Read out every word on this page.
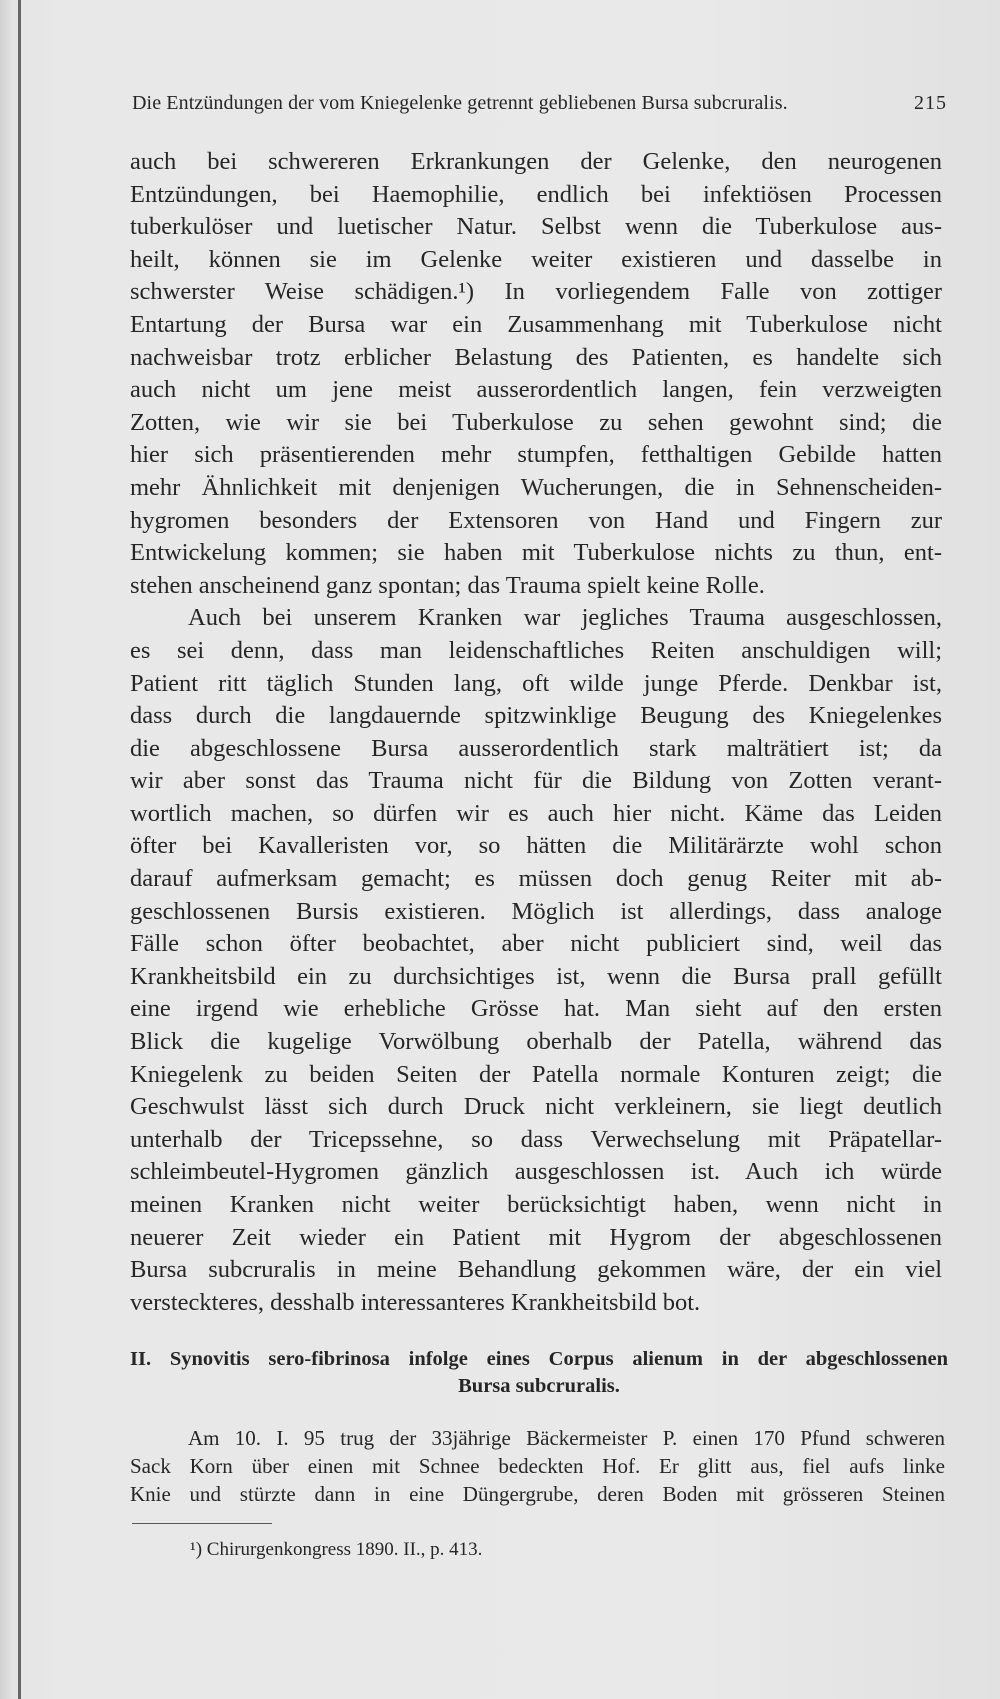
Die Entzündungen der vom Kniegelenke getrennt gebliebenen Bursa subcruralis.	215
auch bei schwereren Erkrankungen der Gelenke, den neurogenen
Entzündungen, bei Haemophilie, endlich bei infektiösen Processen
tuberkulöser und luetischer Natur. Selbst wenn die Tuberkulose aus-
heilt, können sie im Gelenke weiter existieren und dasselbe in
schwerster Weise schädigen.¹) In vorliegendem Falle von zottiger
Entartung der Bursa war ein Zusammenhang mit Tuberkulose nicht
nachweisbar trotz erblicher Belastung des Patienten, es handelte sich
auch nicht um jene meist ausserordentlich langen, fein verzweigten
Zotten, wie wir sie bei Tuberkulose zu sehen gewohnt sind; die
hier sich präsentierenden mehr stumpfen, fetthaltigen Gebilde hatten
mehr Ähnlichkeit mit denjenigen Wucherungen, die in Sehnenscheiden-
hygromen besonders der Extensoren von Hand und Fingern zur
Entwickelung kommen; sie haben mit Tuberkulose nichts zu thun, ent-
stehen anscheinend ganz spontan; das Trauma spielt keine Rolle.
Auch bei unserem Kranken war jegliches Trauma ausgeschlossen,
es sei denn, dass man leidenschaftliches Reiten anschuldigen will;
Patient ritt täglich Stunden lang, oft wilde junge Pferde. Denkbar ist,
dass durch die langdauernde spitzwinklige Beugung des Kniegelenkes
die abgeschlossene Bursa ausserordentlich stark malträtiert ist; da
wir aber sonst das Trauma nicht für die Bildung von Zotten verant-
wortlich machen, so dürfen wir es auch hier nicht. Käme das Leiden
öfter bei Kavalleristen vor, so hätten die Militärärzte wohl schon
darauf aufmerksam gemacht; es müssen doch genug Reiter mit ab-
geschlossenen Bursis existieren. Möglich ist allerdings, dass analoge
Fälle schon öfter beobachtet, aber nicht publiciert sind, weil das
Krankheitsbild ein zu durchsichtiges ist, wenn die Bursa prall gefüllt
eine irgend wie erhebliche Grösse hat. Man sieht auf den ersten
Blick die kugelige Vorwölbung oberhalb der Patella, während das
Kniegelenk zu beiden Seiten der Patella normale Konturen zeigt; die
Geschwulst lässt sich durch Druck nicht verkleinern, sie liegt deutlich
unterhalb der Tricepssehne, so dass Verwechselung mit Präpatellar-
schleimbeutel-Hygromen gänzlich ausgeschlossen ist. Auch ich würde
meinen Kranken nicht weiter berücksichtigt haben, wenn nicht in
neuerer Zeit wieder ein Patient mit Hygrom der abgeschlossenen
Bursa subcruralis in meine Behandlung gekommen wäre, der ein viel
versteckteres, desshalb interessanteres Krankheitsbild bot.
II. Synovitis sero-fibrinosa infolge eines Corpus alienum in der abgeschlossenen
Bursa subcruralis.
Am 10. I. 95 trug der 33jährige Bäckermeister P. einen 170 Pfund schweren
Sack Korn über einen mit Schnee bedeckten Hof. Er glitt aus, fiel aufs linke
Knie und stürzte dann in eine Düngergrube, deren Boden mit grösseren Steinen
¹) Chirurgenkongress 1890. II., p. 413.
